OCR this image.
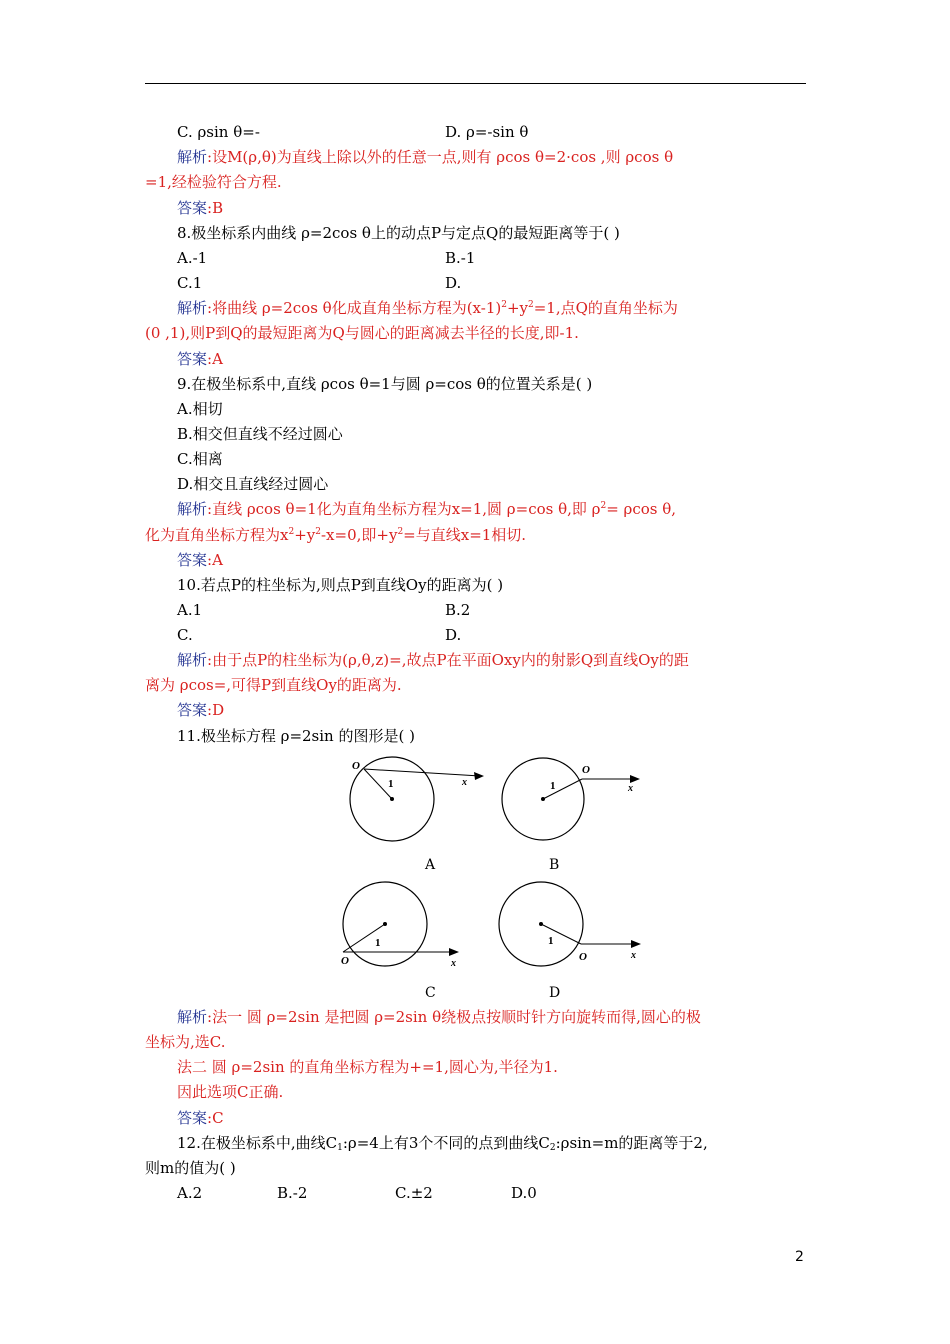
C. ρsin θ=-	D. ρ=-sin θ
解析:设M(ρ,θ)为直线上除以外的任意一点,则有 ρcos θ=2·cos ,则 ρcos θ
=1,经检验符合方程.
答案:B
8.极坐标系内曲线 ρ=2cos θ上的动点P与定点Q的最短距离等于( )
A.-1	B.-1
C.1	D.
解析:将曲线 ρ=2cos θ化成直角坐标方程为$(x-1)^2+y^2=1$,点Q的直角坐标为
(0 ,1),则P到Q的最短距离为Q与圆心的距离减去半径的长度,即-1.
答案:A
9.在极坐标系中,直线 ρcos θ=1与圆 ρ=cos θ的位置关系是( )
A.相切
B.相交但直线不经过圆心
C.相离
D.相交且直线经过圆心
解析:直线 ρcos θ=1化为直角坐标方程为x=1,圆 ρ=cos θ,即 $\rho^2= \rho\cos$ θ,
化为直角坐标方程为$x^2+y^2-x=0$,即$+y^2=$与直线x=1相切.
答案:A
10.若点P的柱坐标为,则点P到直线Oy的距离为( )
A.1	B.2
C.	D.
解析:由于点P的柱坐标为(ρ,θ,z)=,故点P在平面Oxy内的射影Q到直线Oy的距
离为 ρcos=,可得P到直线Oy的距离为.
答案:D
11.极坐标方程 ρ=2sin 的图形是( )
O
1	x
A
O
1	x
B
O
1
x
C
O
1
x
D
解析:法一 圆 ρ=2sin 是把圆 ρ=2sin θ绕极点按顺时针方向旋转而得,圆心的极
坐标为,选C.
法二 圆 ρ=2sin 的直角坐标方程为+=1,圆心为,半径为1.
因此选项C正确.
答案:C
12.在极坐标系中,曲线$C_1:\rho=4$上有3个不同的点到曲线$C_2:\rho\sin=m$的距离等于2,
则m的值为( )
A.2	B.-2	C.±2	D.0
2
